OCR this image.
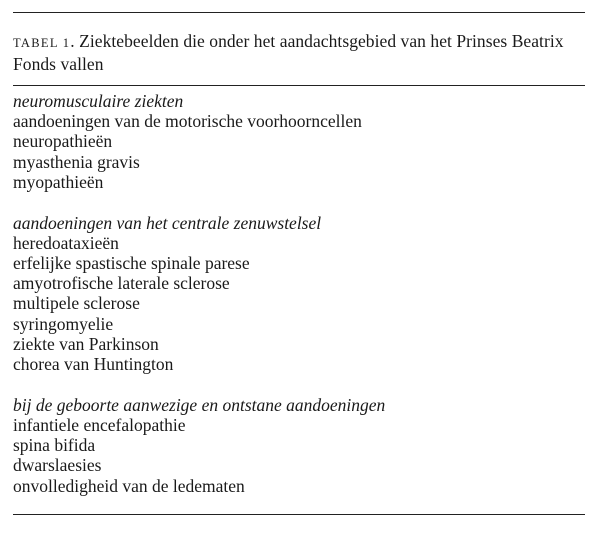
TABEL 1. Ziektebeelden die onder het aandachtsgebied van het Prinses Beatrix Fonds vallen
neuromusculaire ziekten
aandoeningen van de motorische voorhoorncellen
neuropathieën
myasthenia gravis
myopathieën
aandoeningen van het centrale zenuwstelsel
heredoataxieën
erfelijke spastische spinale parese
amyotrofische laterale sclerose
multipele sclerose
syringomyelie
ziekte van Parkinson
chorea van Huntington
bij de geboorte aanwezige en ontstane aandoeningen
infantiele encefalopathie
spina bifida
dwarslaesies
onvolledigheid van de ledematen
